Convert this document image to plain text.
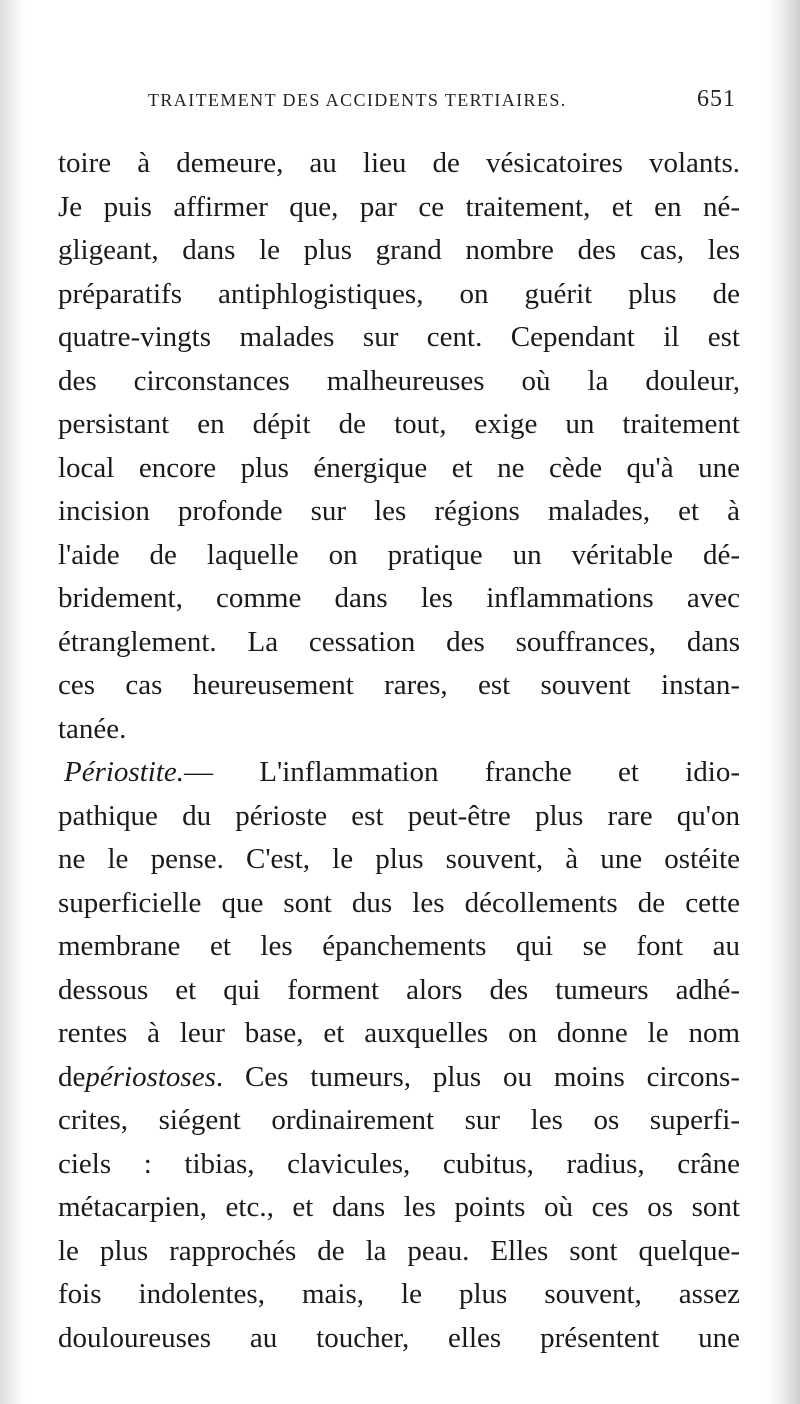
TRAITEMENT DES ACCIDENTS TERTIAIRES.	651
toire à demeure, au lieu de vésicatoires volants.
Je puis affirmer que, par ce traitement, et en né-
gligeant, dans le plus grand nombre des cas, les
préparatifs antiphlogistiques, on guérit plus de
quatre-vingts malades sur cent. Cependant il est
des circonstances malheureuses où la douleur,
persistant en dépit de tout, exige un traitement
local encore plus énergique et ne cède qu'à une
incision profonde sur les régions malades, et à
l'aide de laquelle on pratique un véritable dé-
bridement, comme dans les inflammations avec
étranglement. La cessation des souffrances, dans
ces cas heureusement rares, est souvent instan-
tanée.
Périostite.— L'inflammation franche et idio-
pathique du périoste est peut-être plus rare qu'on
ne le pense. C'est, le plus souvent, à une ostéite
superficielle que sont dus les décollements de cette
membrane et les épanchements qui se font au
dessous et qui forment alors des tumeurs adhé-
rentes à leur base, et auxquelles on donne le nom
depériostoses. Ces tumeurs, plus ou moins circons-
crites, siégent ordinairement sur les os superfi-
ciels : tibias, clavicules, cubitus, radius, crâne
métacarpien, etc., et dans les points où ces os sont
le plus rapprochés de la peau. Elles sont quelque-
fois indolentes, mais, le plus souvent, assez
douloureuses au toucher, elles présentent une
